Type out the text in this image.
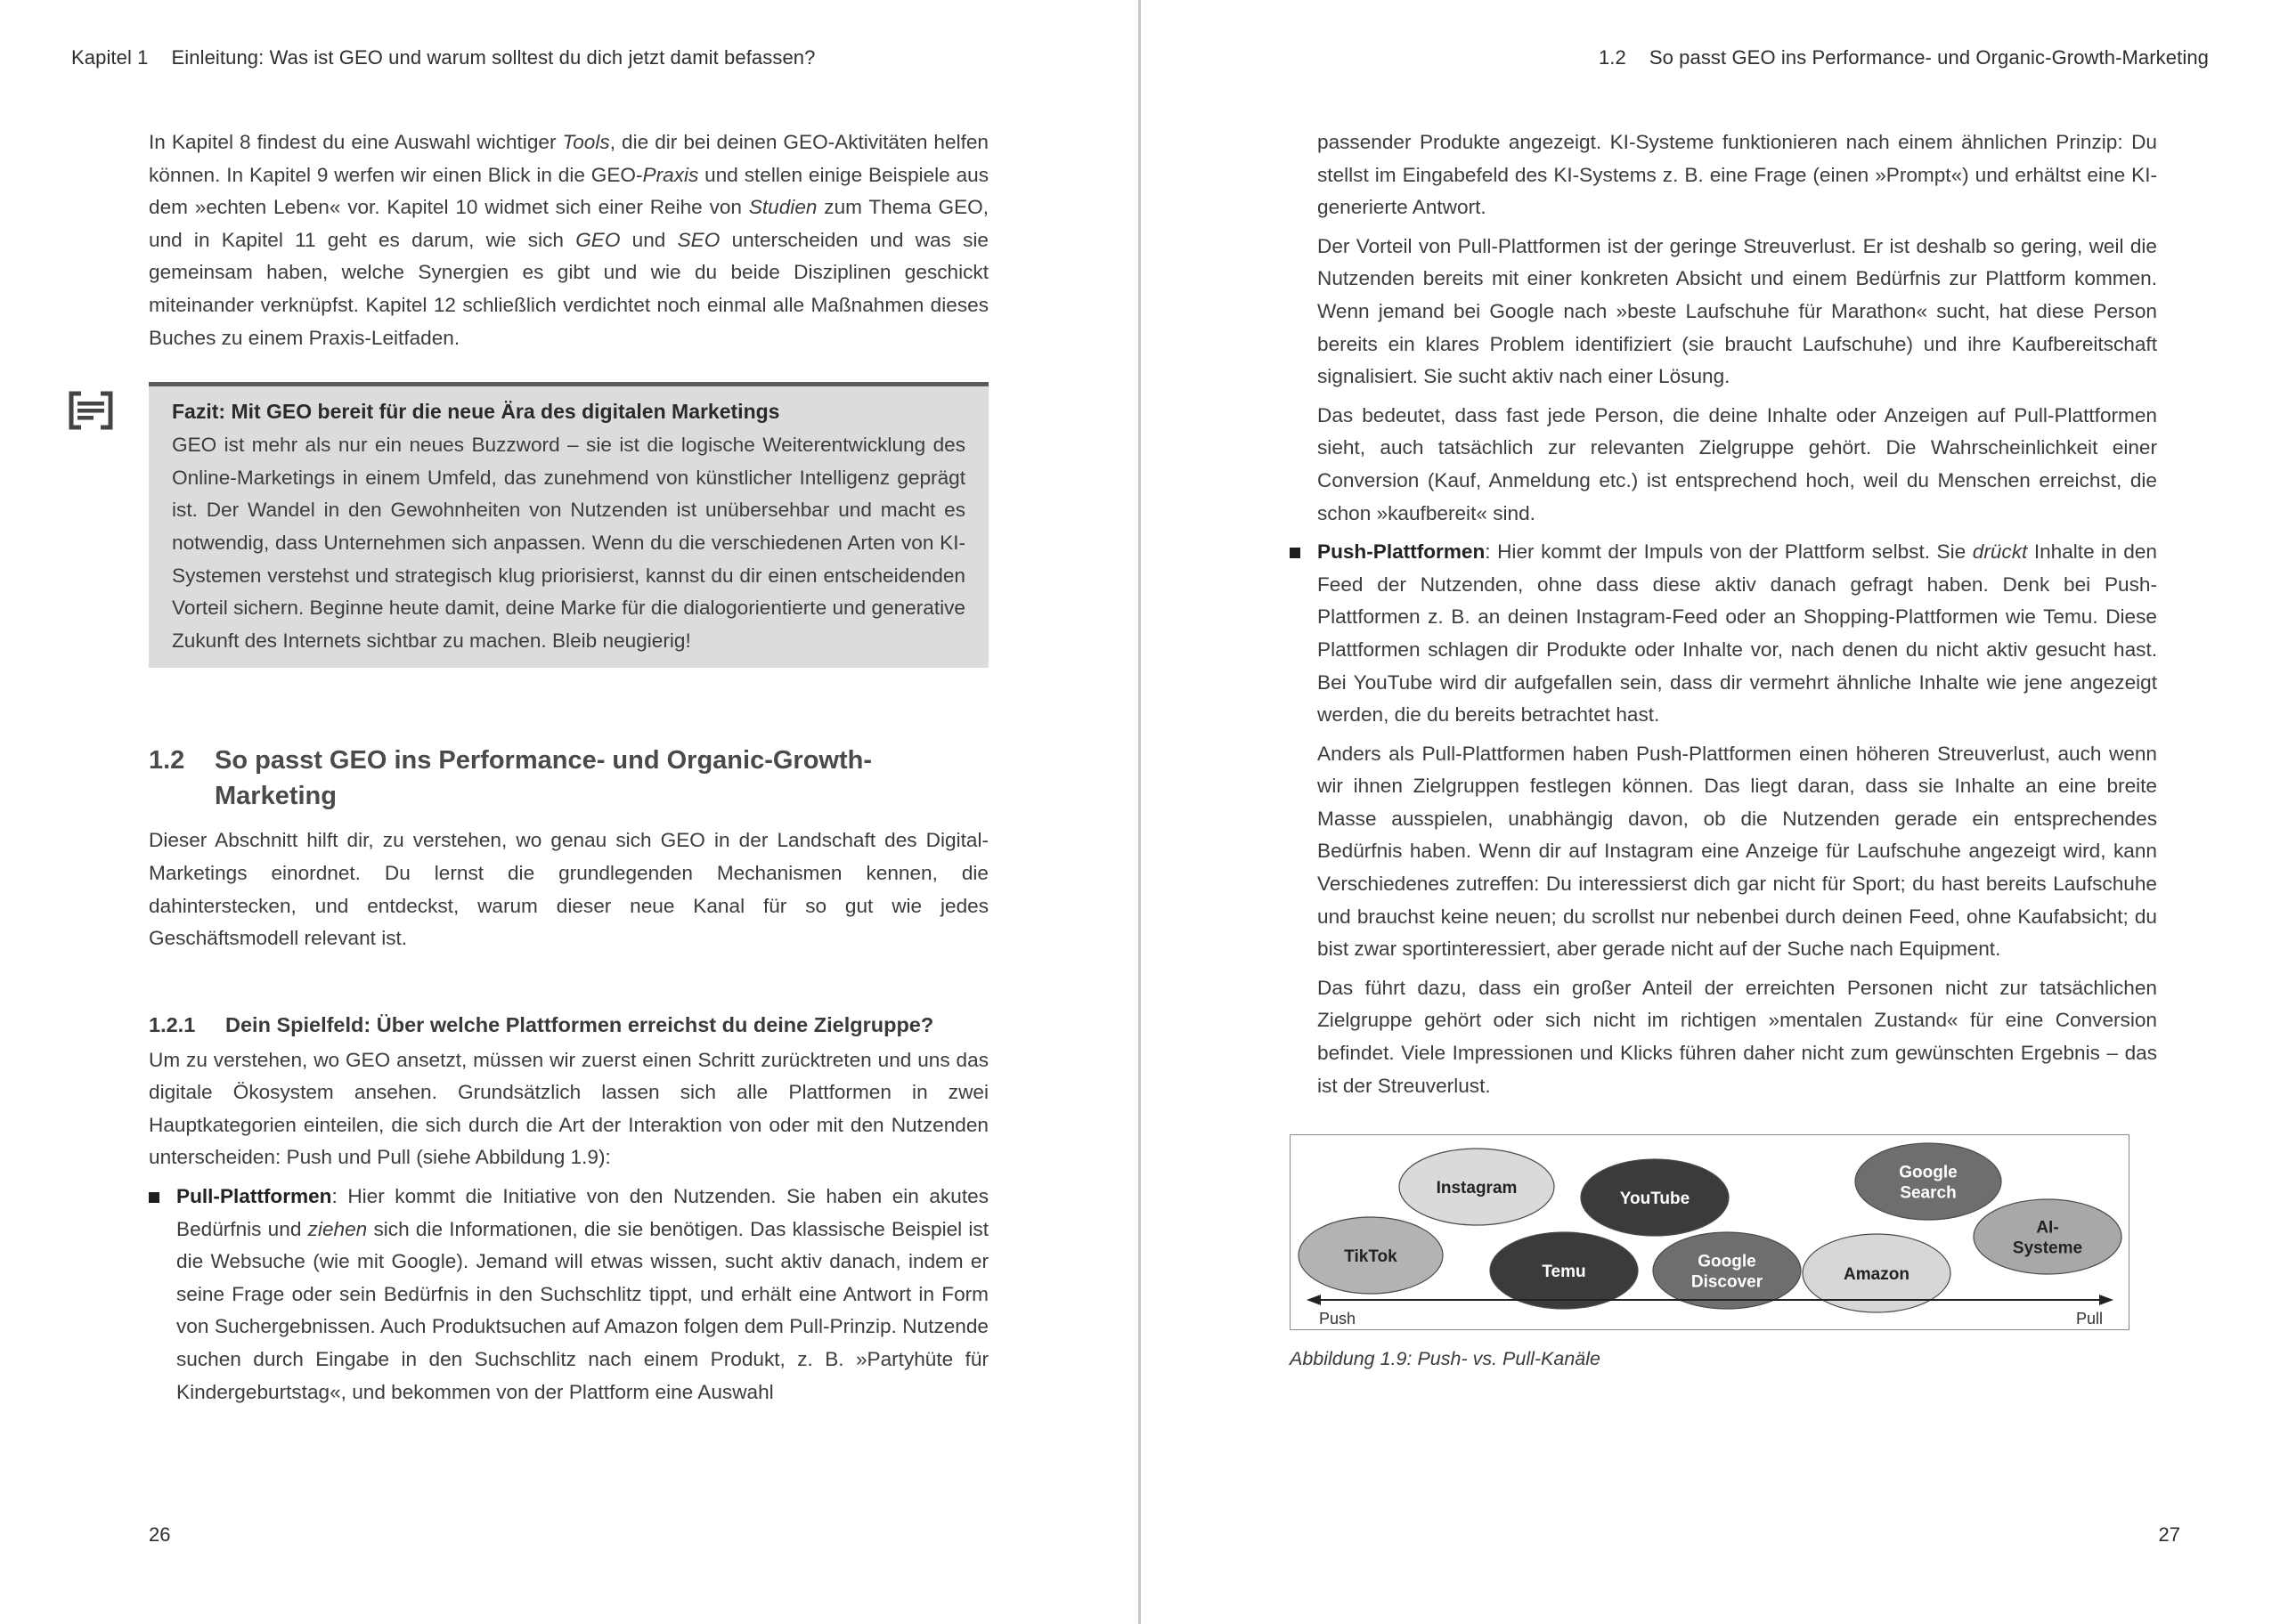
Kapitel 1 Einleitung: Was ist GEO und warum solltest du dich jetzt damit befassen?

In Kapitel 8 findest du eine Auswahl wichtiger Tools, die dir bei deinen GEO-Aktivitäten helfen können. In Kapitel 9 werfen wir einen Blick in die GEO-Praxis und stellen einige Beispiele aus dem »echten Leben« vor. Kapitel 10 widmet sich einer Reihe von Studien zum Thema GEO, und in Kapitel 11 geht es darum, wie sich GEO und SEO unterscheiden und was sie gemeinsam haben, welche Synergien es gibt und wie du beide Disziplinen geschickt miteinander verknüpfst. Kapitel 12 schließlich verdichtet noch einmal alle Maßnahmen dieses Buches zu einem Praxis-Leitfaden.

Fazit: Mit GEO bereit für die neue Ära des digitalen Marketings

GEO ist mehr als nur ein neues Buzzword – sie ist die logische Weiterentwicklung des Online-Marketings in einem Umfeld, das zunehmend von künstlicher Intelligenz geprägt ist. Der Wandel in den Gewohnheiten von Nutzenden ist unübersehbar und macht es notwendig, dass Unternehmen sich anpassen. Wenn du die verschiedenen Arten von KI-Systemen verstehst und strategisch klug priorisierst, kannst du dir einen entscheidenden Vorteil sichern. Beginne heute damit, deine Marke für die dialogorientierte und generative Zukunft des Internets sichtbar zu machen. Bleib neugierig!

1.2	So passt GEO ins Performance- und Organic-Growth-Marketing

Dieser Abschnitt hilft dir, zu verstehen, wo genau sich GEO in der Landschaft des Digital-Marketings einordnet. Du lernst die grundlegenden Mechanismen kennen, die dahinterstecken, und entdeckst, warum dieser neue Kanal für so gut wie jedes Geschäftsmodell relevant ist.

1.2.1	Dein Spielfeld: Über welche Plattformen erreichst du deine Zielgruppe?

Um zu verstehen, wo GEO ansetzt, müssen wir zuerst einen Schritt zurücktreten und uns das digitale Ökosystem ansehen. Grundsätzlich lassen sich alle Plattformen in zwei Hauptkategorien einteilen, die sich durch die Art der Interaktion von oder mit den Nutzenden unterscheiden: Push und Pull (siehe Abbildung 1.9):

Pull-Plattformen: Hier kommt die Initiative von den Nutzenden. Sie haben ein akutes Bedürfnis und ziehen sich die Informationen, die sie benötigen. Das klassische Beispiel ist die Websuche (wie mit Google). Jemand will etwas wissen, sucht aktiv danach, indem er seine Frage oder sein Bedürfnis in den Suchschlitz tippt, und erhält eine Antwort in Form von Suchergebnissen. Auch Produktsuchen auf Amazon folgen dem Pull-Prinzip. Nutzende suchen durch Eingabe in den Suchschlitz nach einem Produkt, z. B. »Partyhüte für Kindergeburtstag«, und bekommen von der Plattform eine Auswahl

26
1.2 So passt GEO ins Performance- und Organic-Growth-Marketing

passender Produkte angezeigt. KI-Systeme funktionieren nach einem ähnlichen Prinzip: Du stellst im Eingabefeld des KI-Systems z. B. eine Frage (einen »Prompt«) und erhältst eine KI-generierte Antwort.

Der Vorteil von Pull-Plattformen ist der geringe Streuverlust. Er ist deshalb so gering, weil die Nutzenden bereits mit einer konkreten Absicht und einem Bedürfnis zur Plattform kommen. Wenn jemand bei Google nach »beste Laufschuhe für Marathon« sucht, hat diese Person bereits ein klares Problem identifiziert (sie braucht Laufschuhe) und ihre Kaufbereitschaft signalisiert. Sie sucht aktiv nach einer Lösung.

Das bedeutet, dass fast jede Person, die deine Inhalte oder Anzeigen auf Pull-Plattformen sieht, auch tatsächlich zur relevanten Zielgruppe gehört. Die Wahrscheinlichkeit einer Conversion (Kauf, Anmeldung etc.) ist entsprechend hoch, weil du Menschen erreichst, die schon »kaufbereit« sind.

Push-Plattformen: Hier kommt der Impuls von der Plattform selbst. Sie drückt Inhalte in den Feed der Nutzenden, ohne dass diese aktiv danach gefragt haben. Denk bei Push-Plattformen z. B. an deinen Instagram-Feed oder an Shopping-Plattformen wie Temu. Diese Plattformen schlagen dir Produkte oder Inhalte vor, nach denen du nicht aktiv gesucht hast. Bei YouTube wird dir aufgefallen sein, dass dir vermehrt ähnliche Inhalte wie jene angezeigt werden, die du bereits betrachtet hast.

Anders als Pull-Plattformen haben Push-Plattformen einen höheren Streuverlust, auch wenn wir ihnen Zielgruppen festlegen können. Das liegt daran, dass sie Inhalte an eine breite Masse ausspielen, unabhängig davon, ob die Nutzenden gerade ein entsprechendes Bedürfnis haben. Wenn dir auf Instagram eine Anzeige für Laufschuhe angezeigt wird, kann Verschiedenes zutreffen: Du interessierst dich gar nicht für Sport; du hast bereits Laufschuhe und brauchst keine neuen; du scrollst nur nebenbei durch deinen Feed, ohne Kaufabsicht; du bist zwar sportinteressiert, aber gerade nicht auf der Suche nach Equipment.

Das führt dazu, dass ein großer Anteil der erreichten Personen nicht zur tatsächlichen Zielgruppe gehört oder sich nicht im richtigen »mentalen Zustand« für eine Conversion befindet. Viele Impressionen und Klicks führen daher nicht zum gewünschten Ergebnis – das ist der Streuverlust.

TikTok
Instagram
YouTube
Temu
Google
Discover	Amazon
Google
Search
AI-
Systeme
Push	Pull
Abbildung 1.9: Push- vs. Pull-Kanäle
27
